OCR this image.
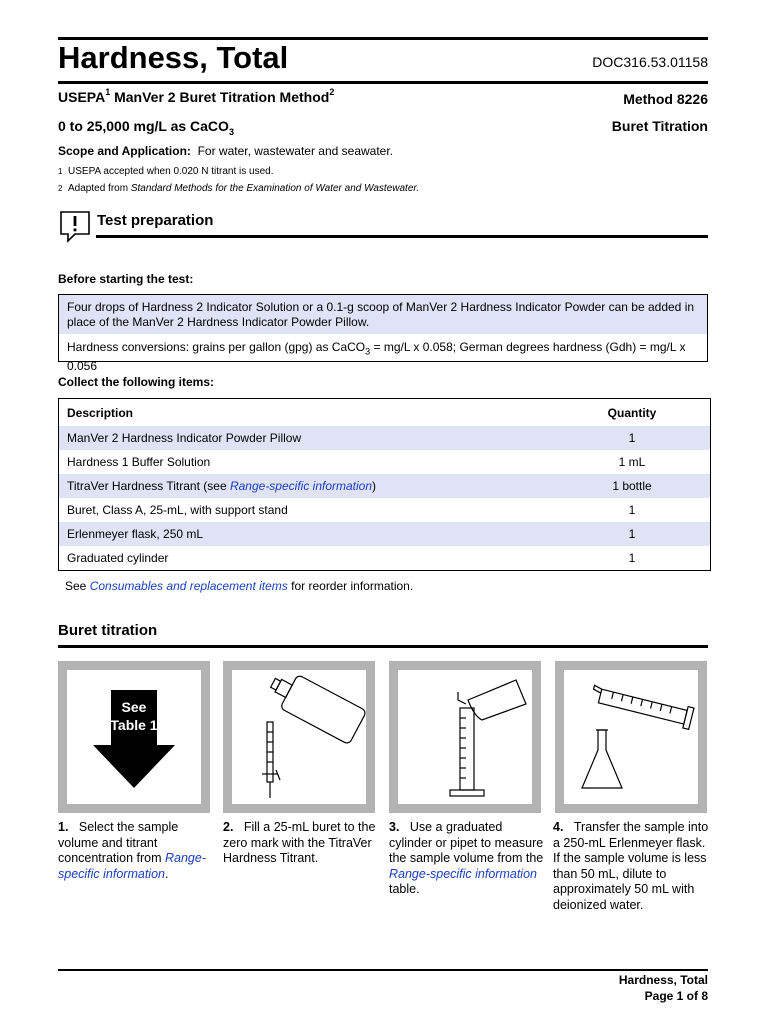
Hardness, Total	DOC316.53.01158
USEPA$^1$ ManVer 2 Buret Titration Method$^2$	Method 8226
0 to 25,000 mg/L as CaCO$_3$	Buret Titration
Scope and Application: For water, wastewater and seawater.
1 USEPA accepted when 0.020 N titrant is used.
2 Adapted from Standard Methods for the Examination of Water and Wastewater.
Test preparation
Before starting the test:
Four drops of Hardness 2 Indicator Solution or a 0.1-g scoop of ManVer 2 Hardness Indicator Powder can be added in place of the ManVer 2 Hardness Indicator Powder Pillow.
Hardness conversions: grains per gallon (gpg) as CaCO$_3$ = mg/L x 0.058; German degrees hardness (Gdh) = mg/L x 0.056
Collect the following items:
Description	Quantity
ManVer 2 Hardness Indicator Powder Pillow	1
Hardness 1 Buffer Solution	1 mL
TitraVer Hardness Titrant (see Range-specific information)	1 bottle
Buret, Class A, 25-mL, with support stand	1
Erlenmeyer flask, 250 mL	1
Graduated cylinder	1
See Consumables and replacement items for reorder information.
Buret titration
See
Table 1
1. Select the sample volume and titrant concentration from Range-specific information.
2. Fill a 25-mL buret to the zero mark with the TitraVer Hardness Titrant.
3. Use a graduated cylinder or pipet to measure the sample volume from the Range-specific information table.
4. Transfer the sample into a 250-mL Erlenmeyer flask. If the sample volume is less than 50 mL, dilute to approximately 50 mL with deionized water.
Hardness, Total
Page 1 of 8
